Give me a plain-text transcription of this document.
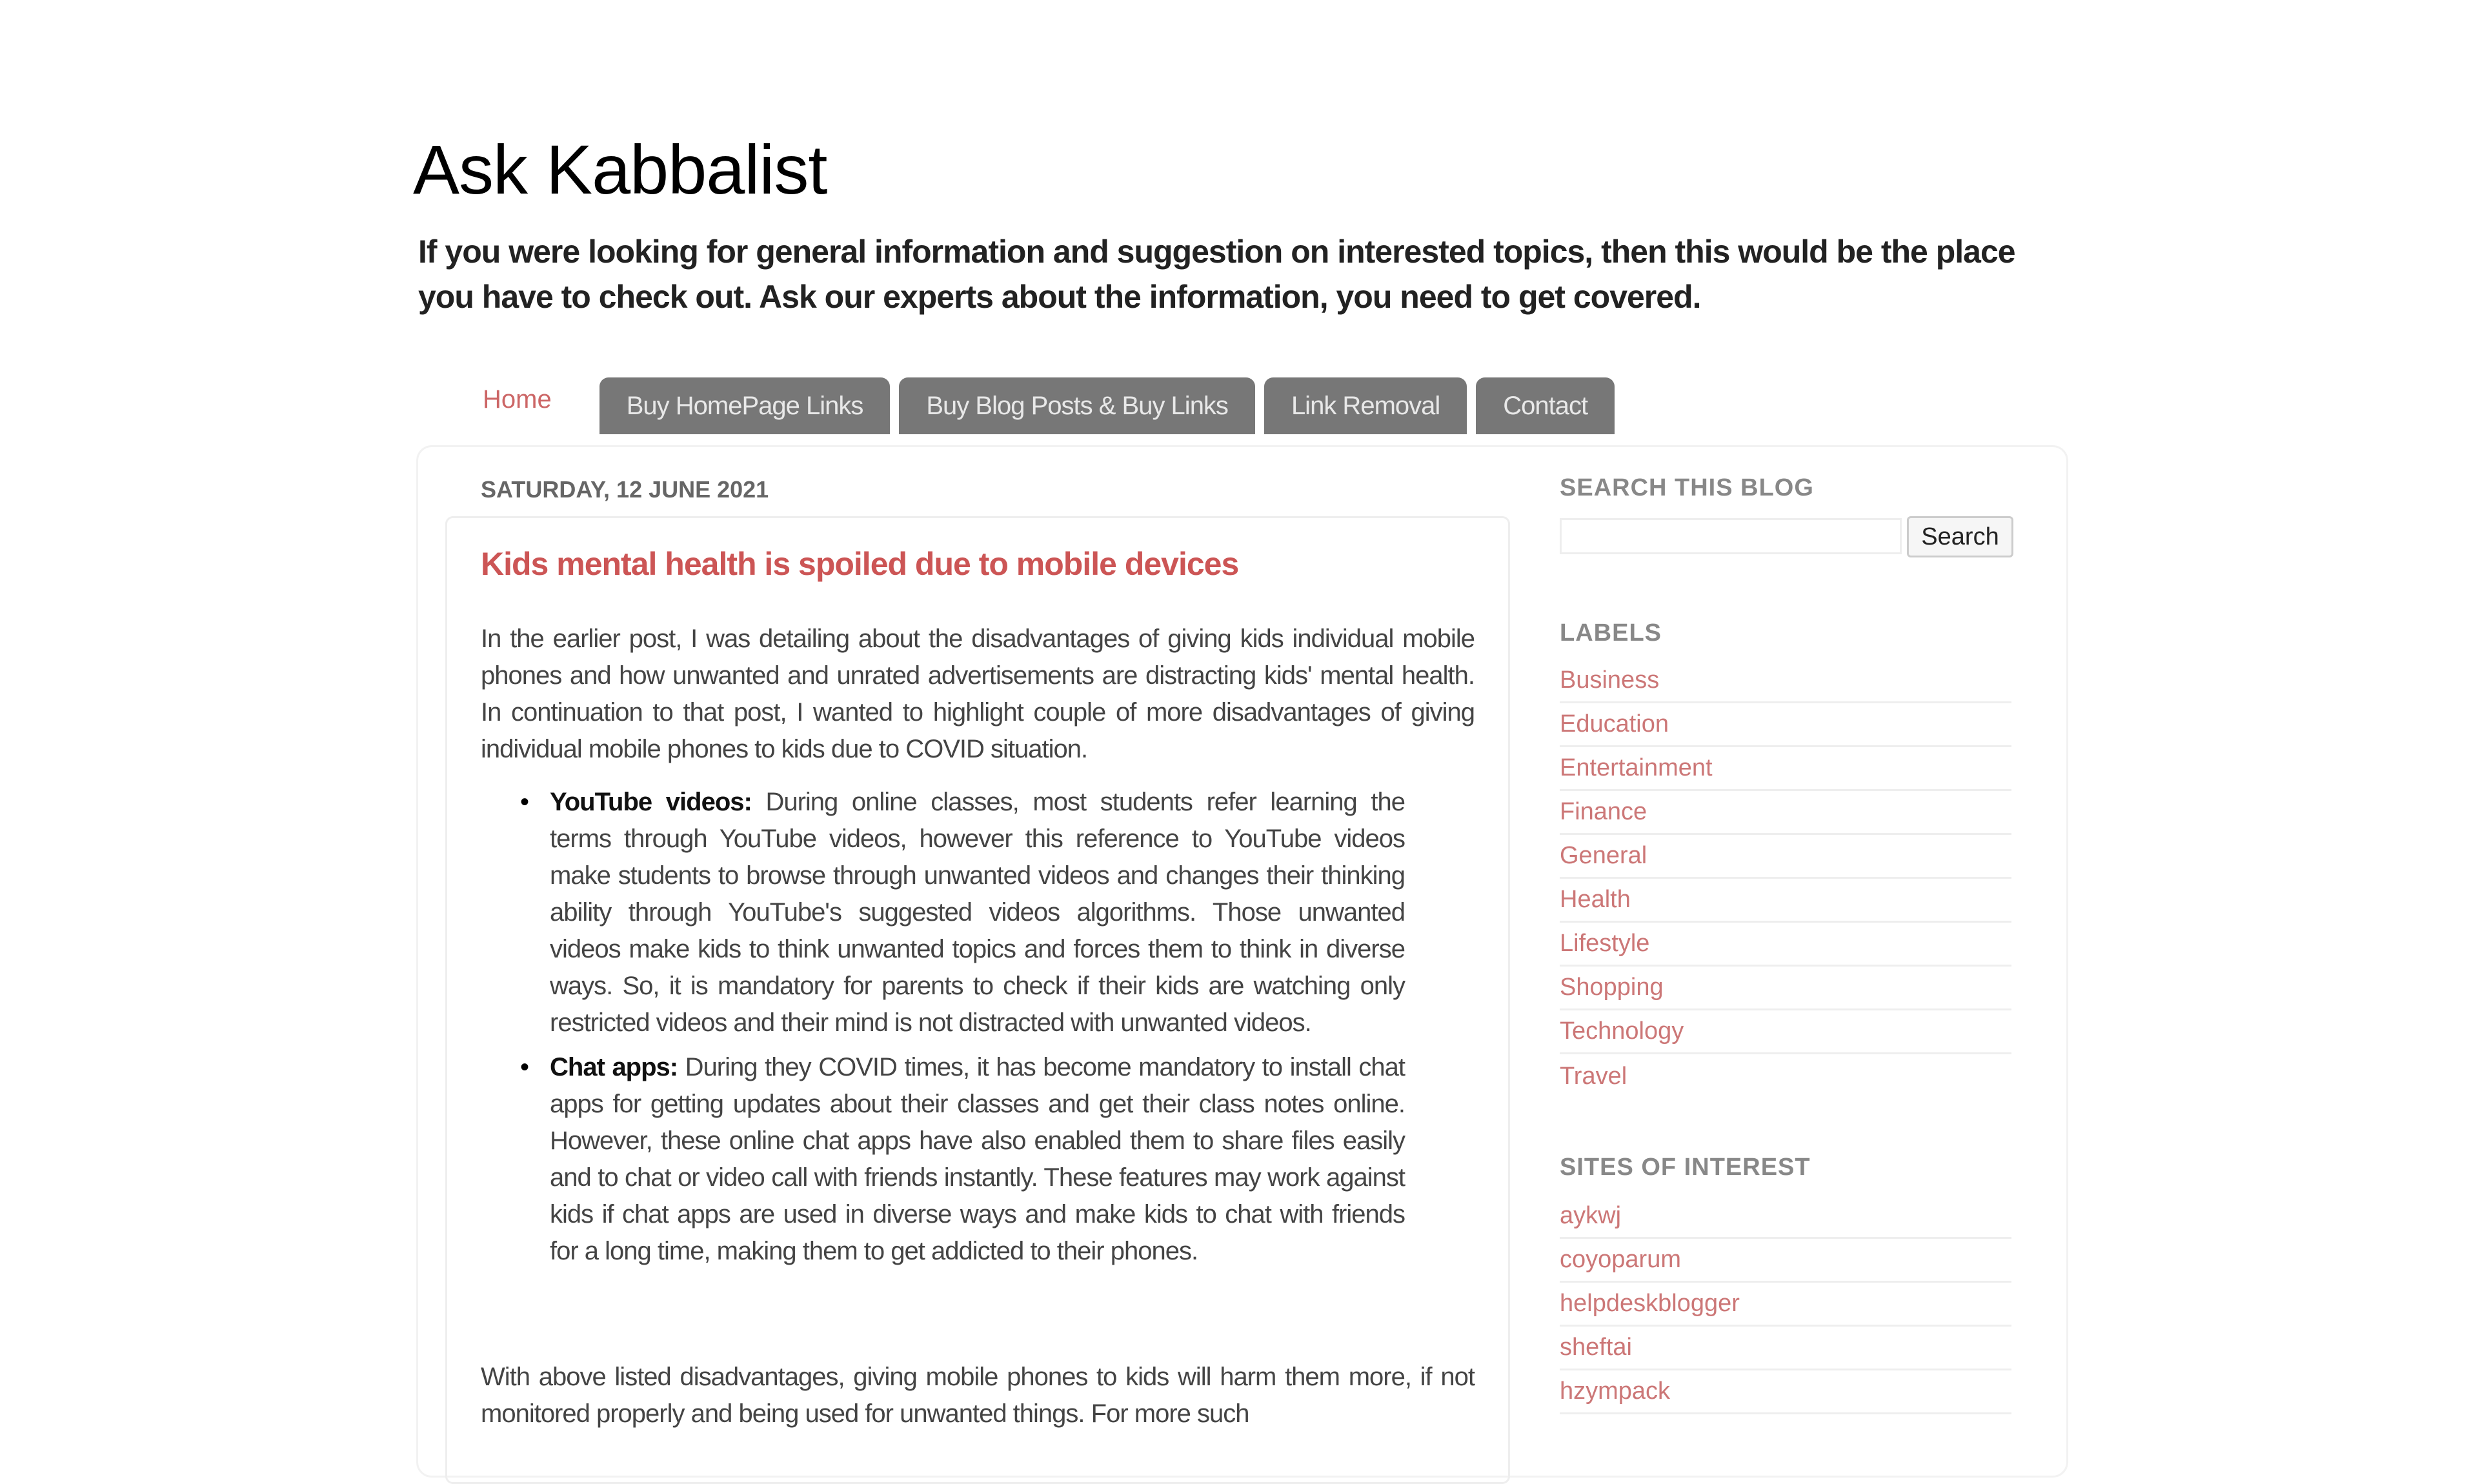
Ask Kabbalist

If you were looking for general information and suggestion on interested topics, then this would be the place you have to check out. Ask our experts about the information, you need to get covered.

Home	Buy HomePage Links	Buy Blog Posts & Buy Links	Link Removal	Contact
SATURDAY, 12 JUNE 2021
Kids mental health is spoiled due to mobile devices

In the earlier post, I was detailing about the disadvantages of giving kids individual mobile phones and how unwanted and unrated advertisements are distracting kids' mental health. In continuation to that post, I wanted to highlight couple of more disadvantages of giving individual mobile phones to kids due to COVID situation.

• YouTube videos: During online classes, most students refer learning the terms through YouTube videos, however this reference to YouTube videos make students to browse through unwanted videos and changes their thinking ability through YouTube's suggested videos algorithms. Those unwanted videos make kids to think unwanted topics and forces them to think in diverse ways. So, it is mandatory for parents to check if their kids are watching only restricted videos and their mind is not distracted with unwanted videos.
• Chat apps: During they COVID times, it has become mandatory to install chat apps for getting updates about their classes and get their class notes online. However, these online chat apps have also enabled them to share files easily and to chat or video call with friends instantly. These features may work against kids if chat apps are used in diverse ways and make kids to chat with friends for a long time, making them to get addicted to their phones.

With above listed disadvantages, giving mobile phones to kids will harm them more, if not monitored properly and being used for unwanted things. For more such

SEARCH THIS BLOG
Search
LABELS
Business
Education
Entertainment
Finance
General
Health
Lifestyle
Shopping
Technology
Travel
SITES OF INTEREST
aykwj
coyoparum
helpdeskblogger
sheftai
hzympack
